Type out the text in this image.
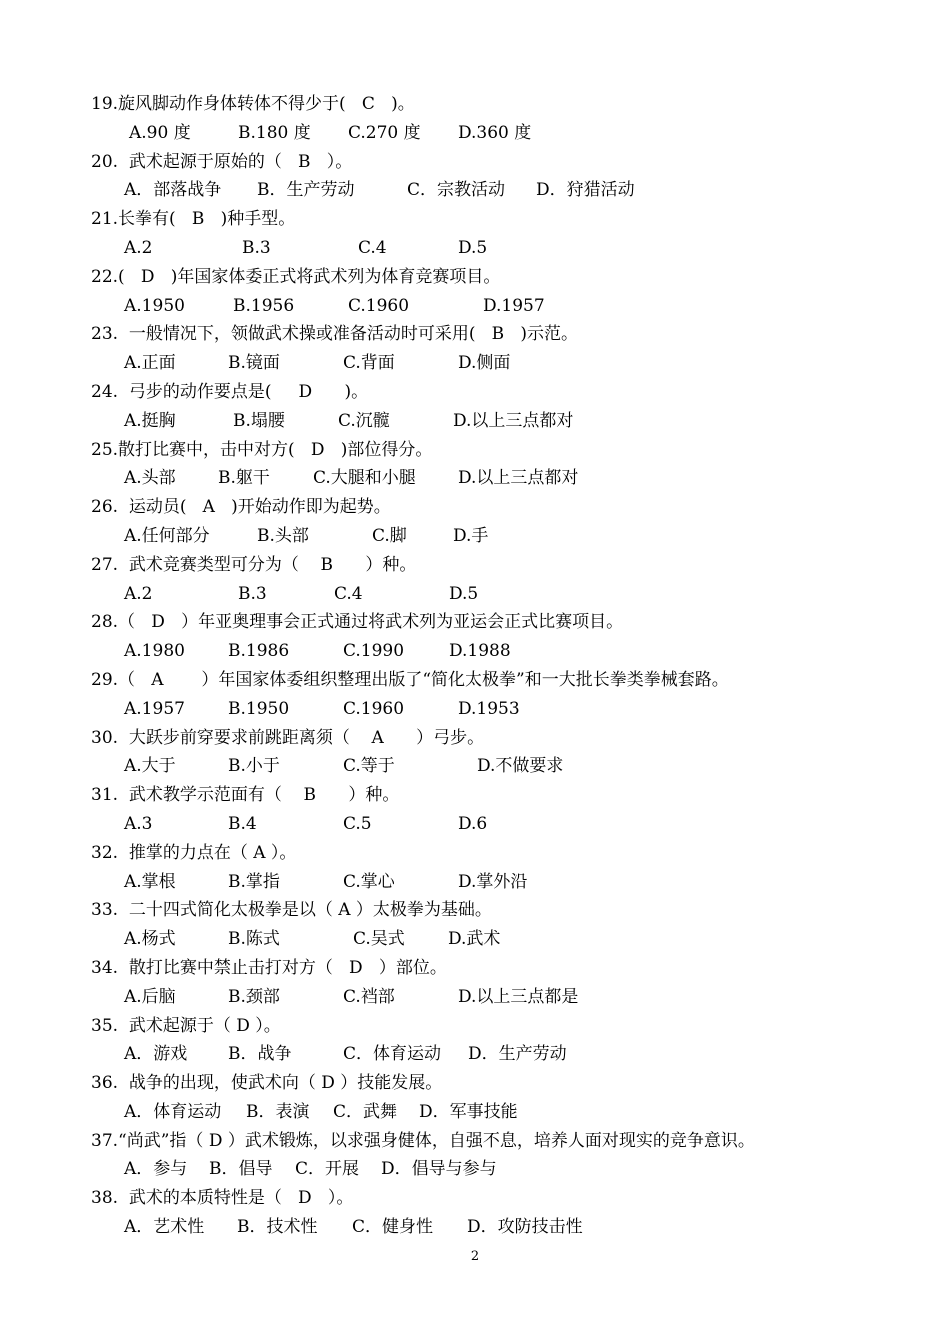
19.旋风脚动作身体转体不得少于(   C   )。

A.90 度

	B.180 度

C.270 度

D.360 度

20.  武术起源于原始的（   B   ）。

A．部落战争

B．生产劳动

	C．宗教活动

D．狩猎活动

21.长拳有(   B   )种手型。

A.2

	B.3

	C.4

	D.5

22.(   D   )年国家体委正式将武术列为体育竞赛项目。

A.1950

	B.1956

	C.1960

	D.1957

23.  一般情况下，领做武术操或准备活动时可采用(   B   )示范。

A.正面

	B.镜面

	C.背面

	D.侧面

24.  弓步的动作要点是(     D      )。

A.挺胸

	B.塌腰

	C.沉髋

	D.以上三点都对

25.散打比赛中，击中对方(   D   )部位得分。

A.头部

B.躯干

	C.大腿和小腿

D.以上三点都对

26.  运动员(   A   )开始动作即为起势。

A.任何部分

	B.头部

	C.脚

	D.手

27.  武术竞赛类型可分为（    B      ）种。

A.2

	B.3

	C.4

	D.5

28.（   D   ）年亚奥理事会正式通过将武术列为亚运会正式比赛项目。

A.1980

	B.1986

	C.1990

	D.1988

29.（   A       ）年国家体委组织整理出版了“简化太极拳”和一大批长拳类拳械套路。

A.1957

	B.1950

	C.1960

	D.1953

30.  大跃步前穿要求前跳距离须（    A      ）弓步。

A.大于

	B.小于

	C.等于

	D.不做要求

31.  武术教学示范面有（    B      ）种。

A.3

	B.4

	C.5

	D.6

32.  推掌的力点在（ A ）。

A.掌根

	B.掌指

	C.掌心

	D.掌外沿

33.  二十四式简化太极拳是以（ A ）太极拳为基础。

A.杨式

	B.陈式

	C.吴式

	D.武术

34.  散打比赛中禁止击打对方（   D   ）部位。

A.后脑

	B.颈部

	C.裆部

	D.以上三点都是

35.  武术起源于（ D ）。

A．游戏

B．战争

	C．体育运动

D．生产劳动

36.  战争的出现，使武术向（ D ）技能发展。

A．体育运动

B．表演

C．武舞

D．军事技能

37.“尚武”指（ D ）武术锻炼，以求强身健体，自强不息，培养人面对现实的竞争意识。

A．参与

B．倡导

C．开展

D．倡导与参与

38.  武术的本质特性是（   D   ）。

A．艺术性

B．技术性

C．健身性

D．攻防技击性

2
